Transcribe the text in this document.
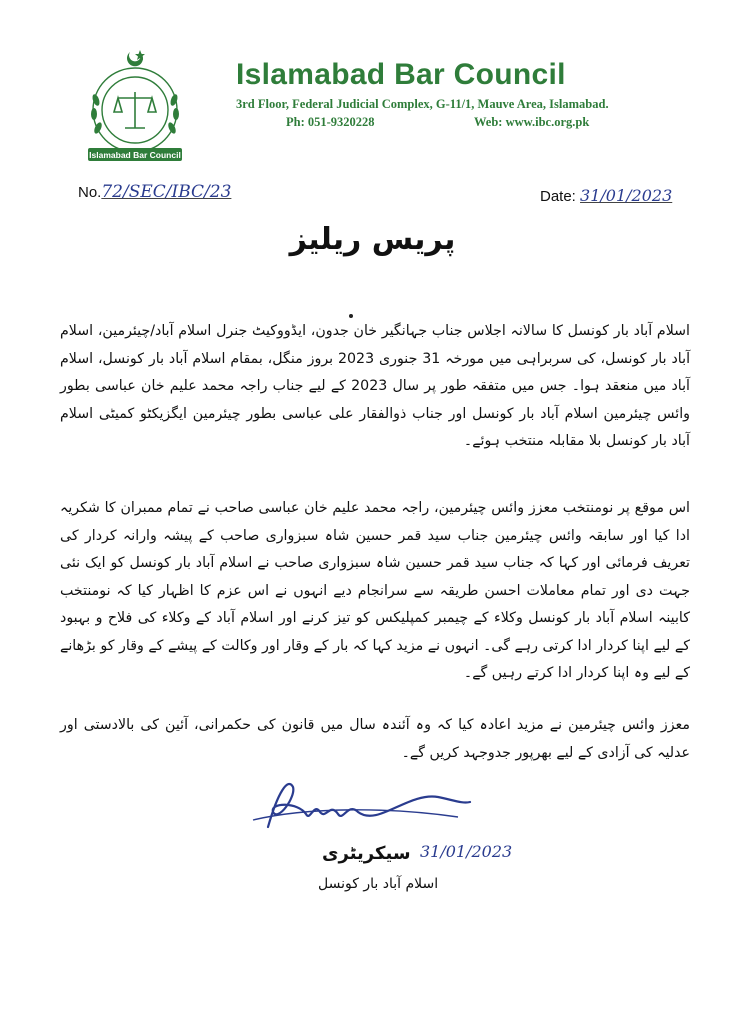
Islamabad Bar Council
Islamabad Bar Council
3rd Floor, Federal Judicial Complex, G-11/1, Mauve Area, Islamabad.
Ph: 051-9320228	Web: www.ibc.org.pk
No.72/SEC/IBC/23	Date: 31/01/2023
پریس ریلیز
اسلام آباد بار کونسل کا سالانہ اجلاس جناب جہانگیر خان جدون، ایڈووکیٹ جنرل اسلام آباد/چیئرمین، اسلام آباد بار کونسل، کی سربراہی میں مورخہ 31 جنوری 2023 بروز منگل، بمقام اسلام آباد بار کونسل، اسلام آباد میں منعقد ہوا۔ جس میں متفقہ طور پر سال 2023 کے لیے جناب راجہ محمد علیم خان عباسی بطور وائس چیئرمین اسلام آباد بار کونسل اور جناب ذوالفقار علی عباسی بطور چیئرمین ایگزیکٹو کمیٹی اسلام آباد بار کونسل بلا مقابلہ منتخب ہوئے۔
اس موقع پر نومنتخب معزز وائس چیئرمین، راجہ محمد علیم خان عباسی صاحب نے تمام ممبران کا شکریہ ادا کیا اور سابقہ وائس چیئرمین جناب سید قمر حسین شاہ سبزواری صاحب کے پیشہ وارانہ کردار کی تعریف فرمائی اور کہا کہ جناب سید قمر حسین شاہ سبزواری صاحب نے اسلام آباد بار کونسل کو ایک نئی جہت دی اور تمام معاملات احسن طریقہ سے سرانجام دیے انہوں نے اس عزم کا اظہار کیا کہ نومنتخب کابینہ اسلام آباد بار کونسل وکلاء کے چیمبر کمپلیکس کو تیز کرنے اور اسلام آباد کے وکلاء کی فلاح و بہبود کے لیے اپنا کردار ادا کرتی رہے گی۔ انہوں نے مزید کہا کہ بار کے وقار اور وکالت کے پیشے کے وقار کو بڑھانے کے لیے وہ اپنا کردار ادا کرتے رہیں گے۔
معزز وائس چیئرمین نے مزید اعادہ کیا کہ وہ آئندہ سال میں قانون کی حکمرانی، آئین کی بالادستی اور عدلیہ کی آزادی کے لیے بھرپور جدوجہد کریں گے۔
سیکریٹری 31/01/2023
اسلام آباد بار کونسل
